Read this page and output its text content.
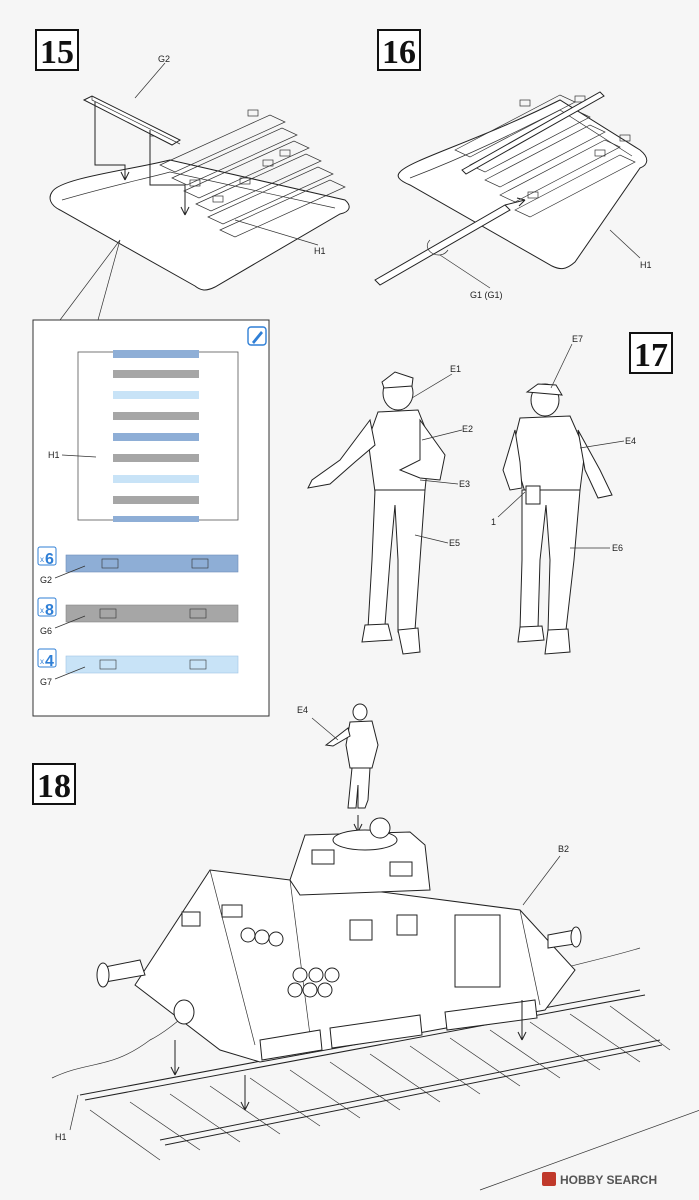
15	G2
H1
16
G1 (G1)
H1
H1
x 6
G2
x 8
G6
x 4
G7
17
E1
E2
E3
E5
E7
E4
1
E6
18
E4
B2
H1
HOBBY SEARCH
